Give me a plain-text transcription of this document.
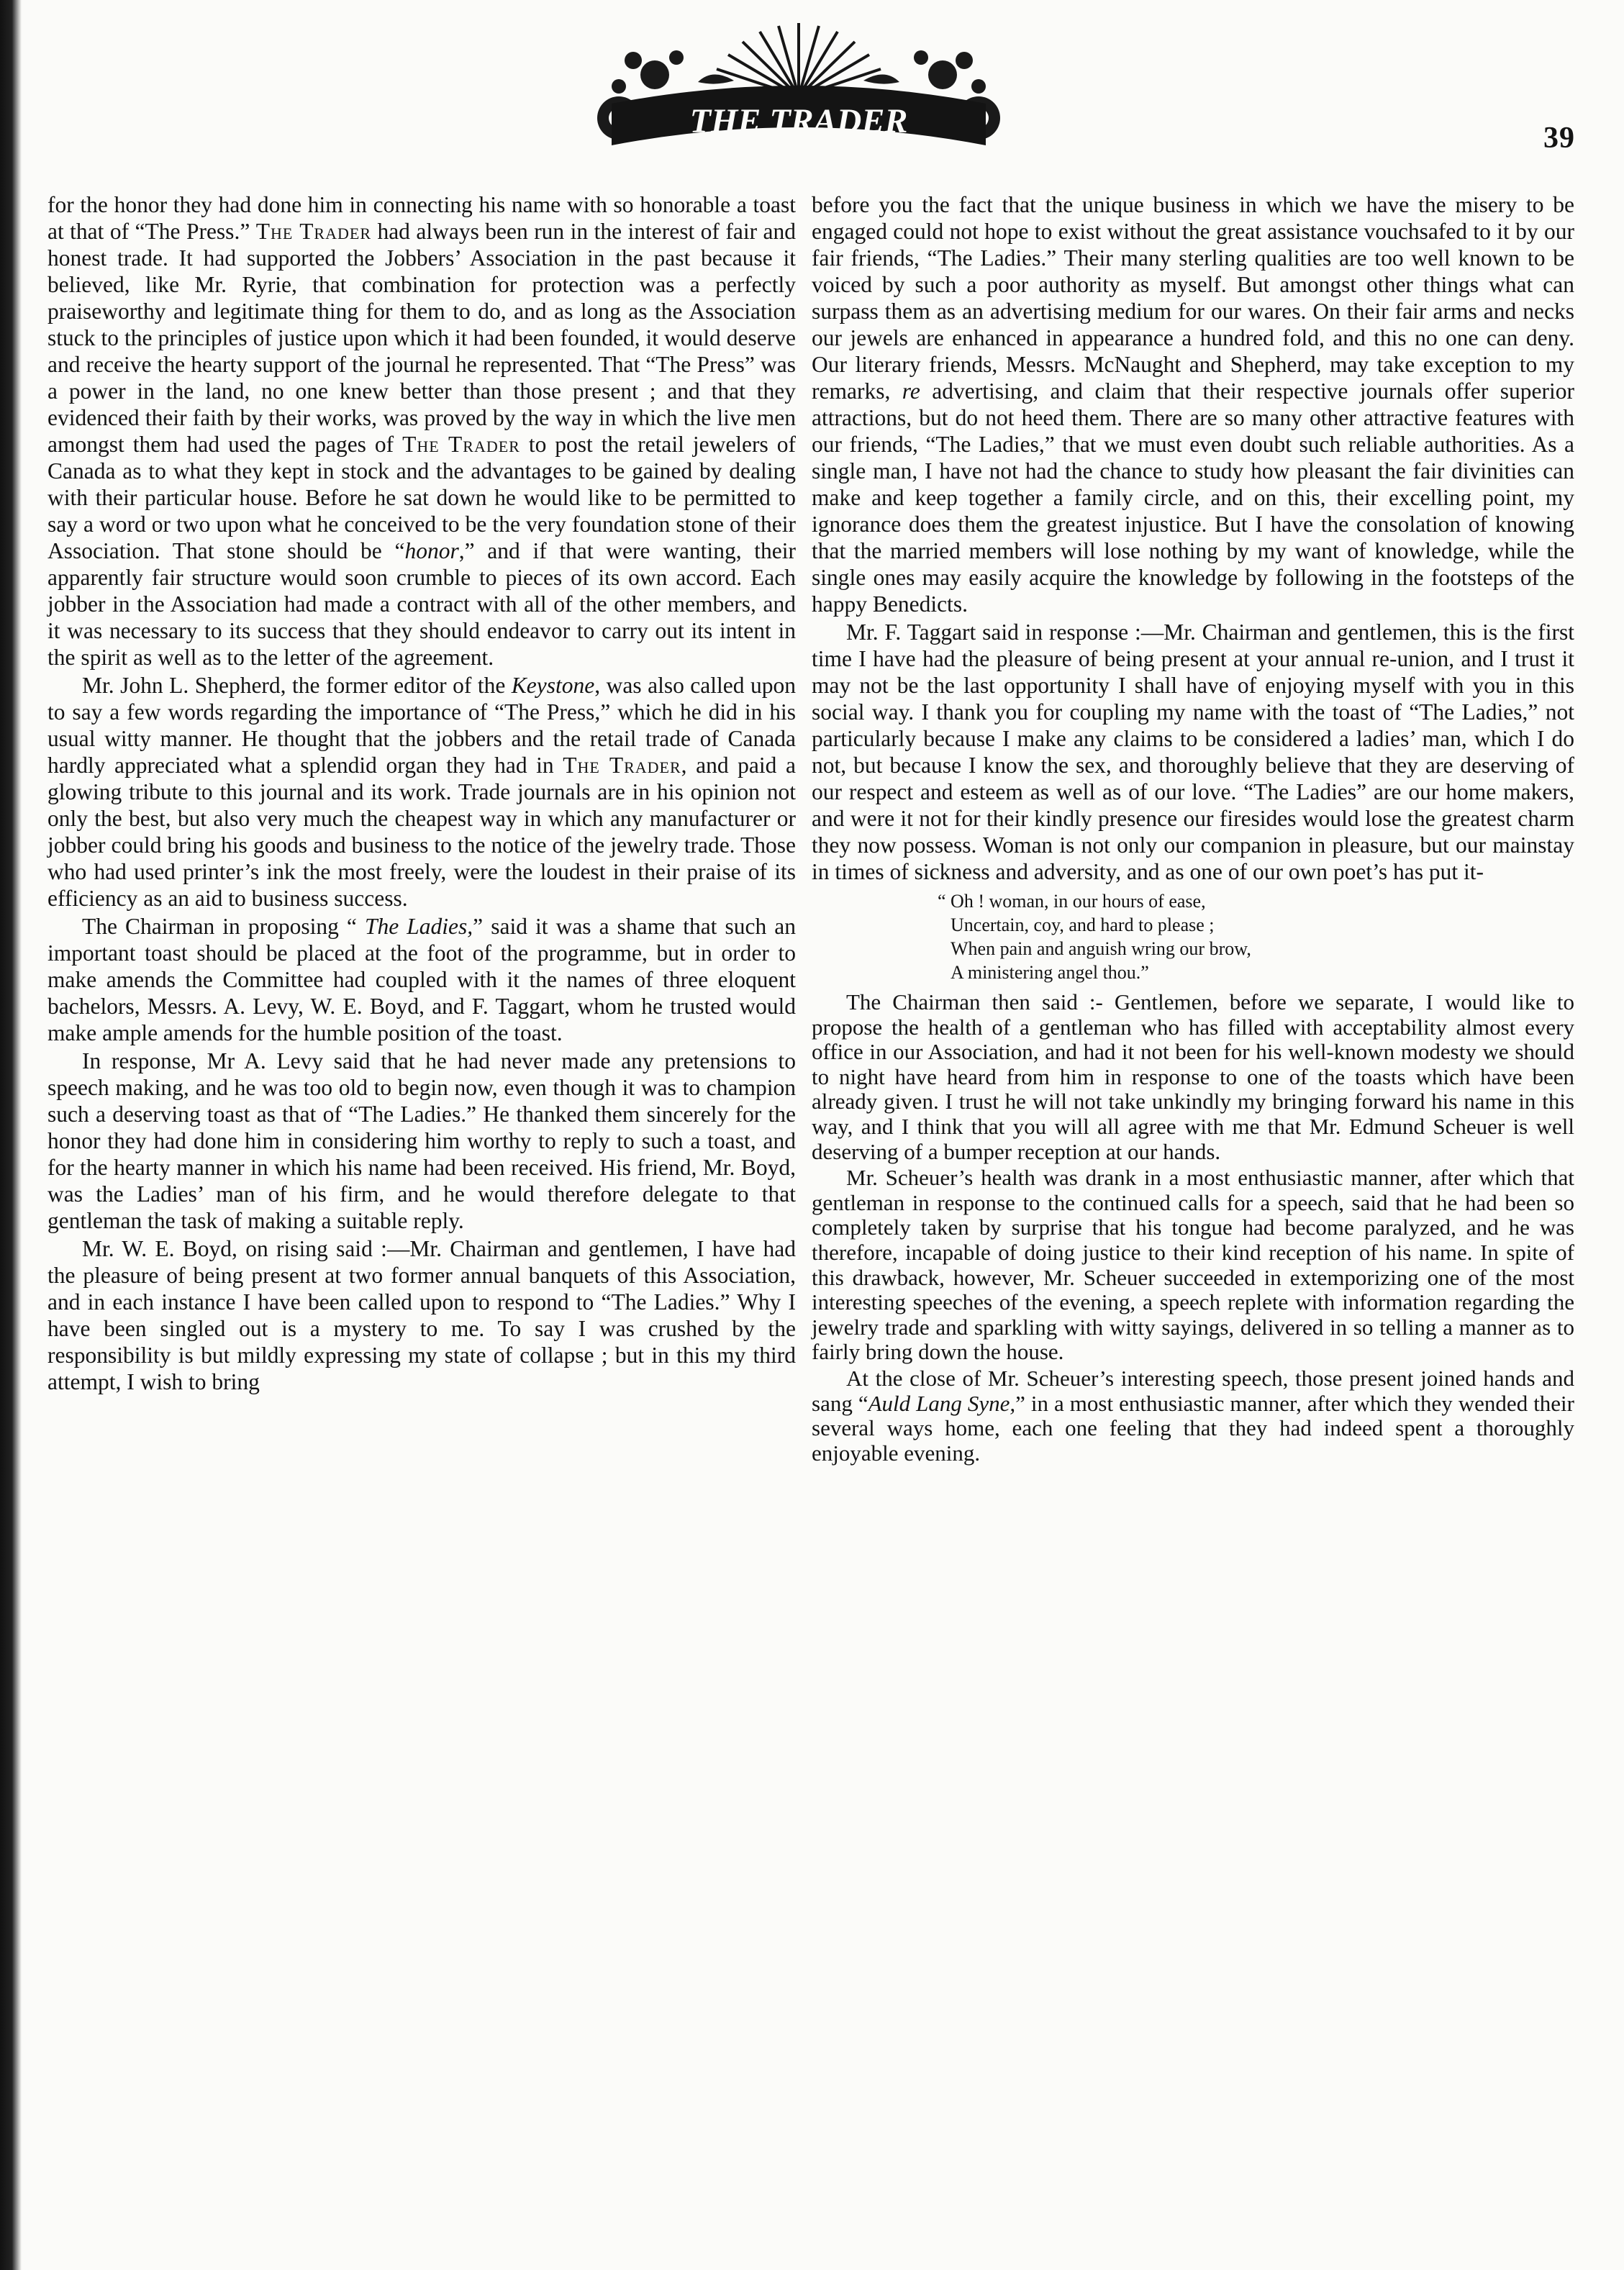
THE TRADER	39

for the honor they had done him in connecting his name with so honorable a toast at that of “The Press.” The Trader had always been run in the interest of fair and honest trade. It had supported the Jobbers’ Association in the past because it believed, like Mr. Ryrie, that combination for protection was a perfectly praiseworthy and legitimate thing for them to do, and as long as the Association stuck to the principles of justice upon which it had been founded, it would deserve and receive the hearty support of the journal he represented. That “The Press” was a power in the land, no one knew better than those present ; and that they evidenced their faith by their works, was proved by the way in which the live men amongst them had used the pages of The Trader to post the retail jewelers of Canada as to what they kept in stock and the advantages to be gained by dealing with their particular house. Before he sat down he would like to be permitted to say a word or two upon what he conceived to be the very foundation stone of their Association. That stone should be “honor,” and if that were wanting, their apparently fair structure would soon crumble to pieces of its own accord. Each jobber in the Association had made a contract with all of the other members, and it was necessary to its success that they should endeavor to carry out its intent in the spirit as well as to the letter of the agreement.

Mr. John L. Shepherd, the former editor of the Keystone, was also called upon to say a few words regarding the importance of “The Press,” which he did in his usual witty manner. He thought that the jobbers and the retail trade of Canada hardly appreciated what a splendid organ they had in The Trader, and paid a glowing tribute to this journal and its work. Trade journals are in his opinion not only the best, but also very much the cheapest way in which any manufacturer or jobber could bring his goods and business to the notice of the jewelry trade. Those who had used printer’s ink the most freely, were the loudest in their praise of its efficiency as an aid to business success.

The Chairman in proposing “ The Ladies,” said it was a shame that such an important toast should be placed at the foot of the programme, but in order to make amends the Committee had coupled with it the names of three eloquent bachelors, Messrs. A. Levy, W. E. Boyd, and F. Taggart, whom he trusted would make ample amends for the humble position of the toast.

In response, Mr A. Levy said that he had never made any pretensions to speech making, and he was too old to begin now, even though it was to champion such a deserving toast as that of “The Ladies.” He thanked them sincerely for the honor they had done him in considering him worthy to reply to such a toast, and for the hearty manner in which his name had been received. His friend, Mr. Boyd, was the Ladies’ man of his firm, and he would therefore delegate to that gentleman the task of making a suitable reply.

Mr. W. E. Boyd, on rising said :—Mr. Chairman and gentlemen, I have had the pleasure of being present at two former annual banquets of this Association, and in each instance I have been called upon to respond to “The Ladies.” Why I have been singled out is a mystery to me. To say I was crushed by the responsibility is but mildly expressing my state of collapse ; but in this my third attempt, I wish to bring

before you the fact that the unique business in which we have the misery to be engaged could not hope to exist without the great assistance vouchsafed to it by our fair friends, “The Ladies.” Their many sterling qualities are too well known to be voiced by such a poor authority as myself. But amongst other things what can surpass them as an advertising medium for our wares. On their fair arms and necks our jewels are enhanced in appearance a hundred fold, and this no one can deny. Our literary friends, Messrs. McNaught and Shepherd, may take exception to my remarks, re advertising, and claim that their respective journals offer superior attractions, but do not heed them. There are so many other attractive features with our friends, “The Ladies,” that we must even doubt such reliable authorities. As a single man, I have not had the chance to study how pleasant the fair divinities can make and keep together a family circle, and on this, their excelling point, my ignorance does them the greatest injustice. But I have the consolation of knowing that the married members will lose nothing by my want of knowledge, while the single ones may easily acquire the knowledge by following in the footsteps of the happy Benedicts.

Mr. F. Taggart said in response :—Mr. Chairman and gentlemen, this is the first time I have had the pleasure of being present at your annual re-union, and I trust it may not be the last opportunity I shall have of enjoying myself with you in this social way. I thank you for coupling my name with the toast of “The Ladies,” not particularly because I make any claims to be considered a ladies’ man, which I do not, but because I know the sex, and thoroughly believe that they are deserving of our respect and esteem as well as of our love. “The Ladies” are our home makers, and were it not for their kindly presence our firesides would lose the greatest charm they now possess. Woman is not only our companion in pleasure, but our mainstay in times of sickness and adversity, and as one of our own poet’s has put it-

“ Oh ! woman, in our hours of ease,
Uncertain, coy, and hard to please ;
When pain and anguish wring our brow,
A ministering angel thou.”

The Chairman then said :- Gentlemen, before we separate, I would like to propose the health of a gentleman who has filled with acceptability almost every office in our Association, and had it not been for his well-known modesty we should to night have heard from him in response to one of the toasts which have been already given. I trust he will not take unkindly my bringing forward his name in this way, and I think that you will all agree with me that Mr. Edmund Scheuer is well deserving of a bumper reception at our hands.

Mr. Scheuer’s health was drank in a most enthusiastic manner, after which that gentleman in response to the continued calls for a speech, said that he had been so completely taken by surprise that his tongue had become paralyzed, and he was therefore, incapable of doing justice to their kind reception of his name. In spite of this drawback, however, Mr. Scheuer succeeded in extemporizing one of the most interesting speeches of the evening, a speech replete with information regarding the jewelry trade and sparkling with witty sayings, delivered in so telling a manner as to fairly bring down the house.

At the close of Mr. Scheuer’s interesting speech, those present joined hands and sang “Auld Lang Syne,” in a most enthusiastic manner, after which they wended their several ways home, each one feeling that they had indeed spent a thoroughly enjoyable evening.
